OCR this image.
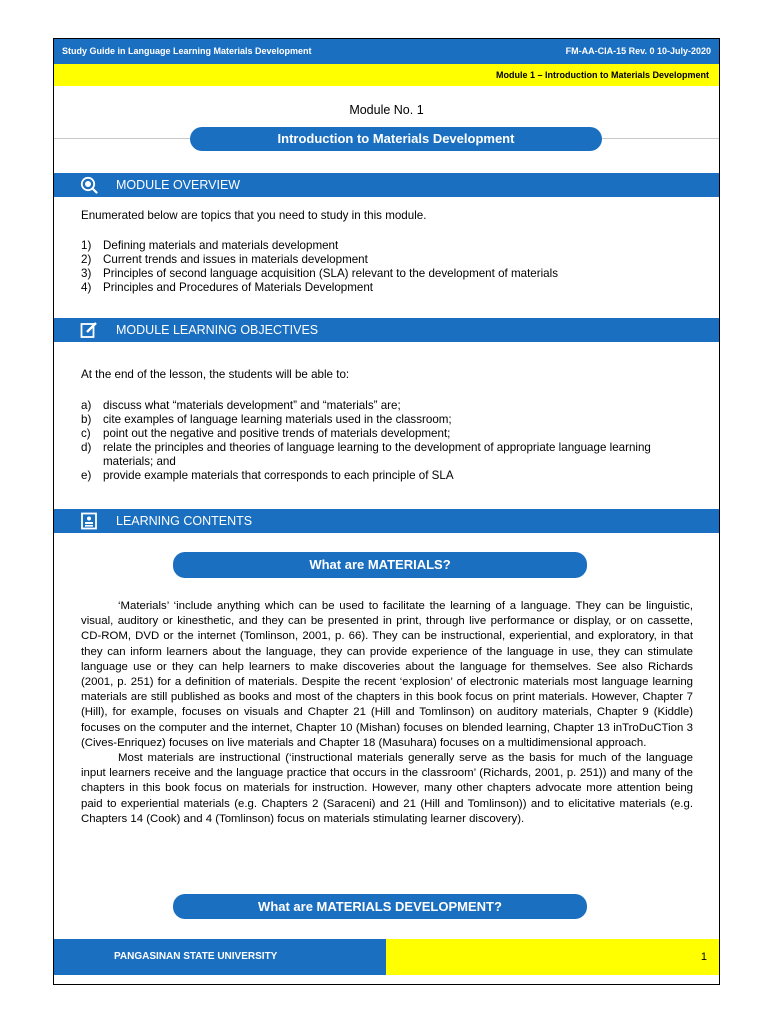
Study Guide in Language Learning Materials Development	FM-AA-CIA-15 Rev. 0 10-July-2020
Module 1 – Introduction to Materials Development
Module No. 1
Introduction to Materials Development
MODULE OVERVIEW
Enumerated below are topics that you need to study in this module.
1) Defining materials and materials development
2) Current trends and issues in materials development
3) Principles of second language acquisition (SLA) relevant to the development of materials
4) Principles and Procedures of Materials Development
MODULE LEARNING OBJECTIVES
At the end of the lesson, the students will be able to:
a) discuss what “materials development” and “materials” are;
b) cite examples of language learning materials used in the classroom;
c) point out the negative and positive trends of materials development;
d) relate the principles and theories of language learning to the development of appropriate language learning materials; and
e) provide example materials that corresponds to each principle of SLA
LEARNING CONTENTS
What are MATERIALS?

‘Materials’ ‘include anything which can be used to facilitate the learning of a language. They can be linguistic, visual, auditory or kinesthetic, and they can be presented in print, through live performance or display, or on cassette, CD-ROM, DVD or the internet (Tomlinson, 2001, p. 66). They can be instructional, experiential, and exploratory, in that they can inform learners about the language, they can provide experience of the language in use, they can stimulate language use or they can help learners to make discoveries about the language for themselves. See also Richards (2001, p. 251) for a definition of materials. Despite the recent ‘explosion’ of electronic materials most language learning materials are still published as books and most of the chapters in this book focus on print materials. However, Chapter 7 (Hill), for example, focuses on visuals and Chapter 21 (Hill and Tomlinson) on auditory materials, Chapter 9 (Kiddle) focuses on the computer and the internet, Chapter 10 (Mishan) focuses on blended learning, Chapter 13 inTroDuCTion 3 (Cives-Enriquez) focuses on live materials and Chapter 18 (Masuhara) focuses on a multidimensional approach.

Most materials are instructional (‘instructional materials generally serve as the basis for much of the language input learners receive and the language practice that occurs in the classroom’ (Richards, 2001, p. 251)) and many of the chapters in this book focus on materials for instruction. However, many other chapters advocate more attention being paid to experiential materials (e.g. Chapters 2 (Saraceni) and 21 (Hill and Tomlinson)) and to elicitative materials (e.g. Chapters 14 (Cook) and 4 (Tomlinson) focus on materials stimulating learner discovery).

What are MATERIALS DEVELOPMENT?
PANGASINAN STATE UNIVERSITY	1
